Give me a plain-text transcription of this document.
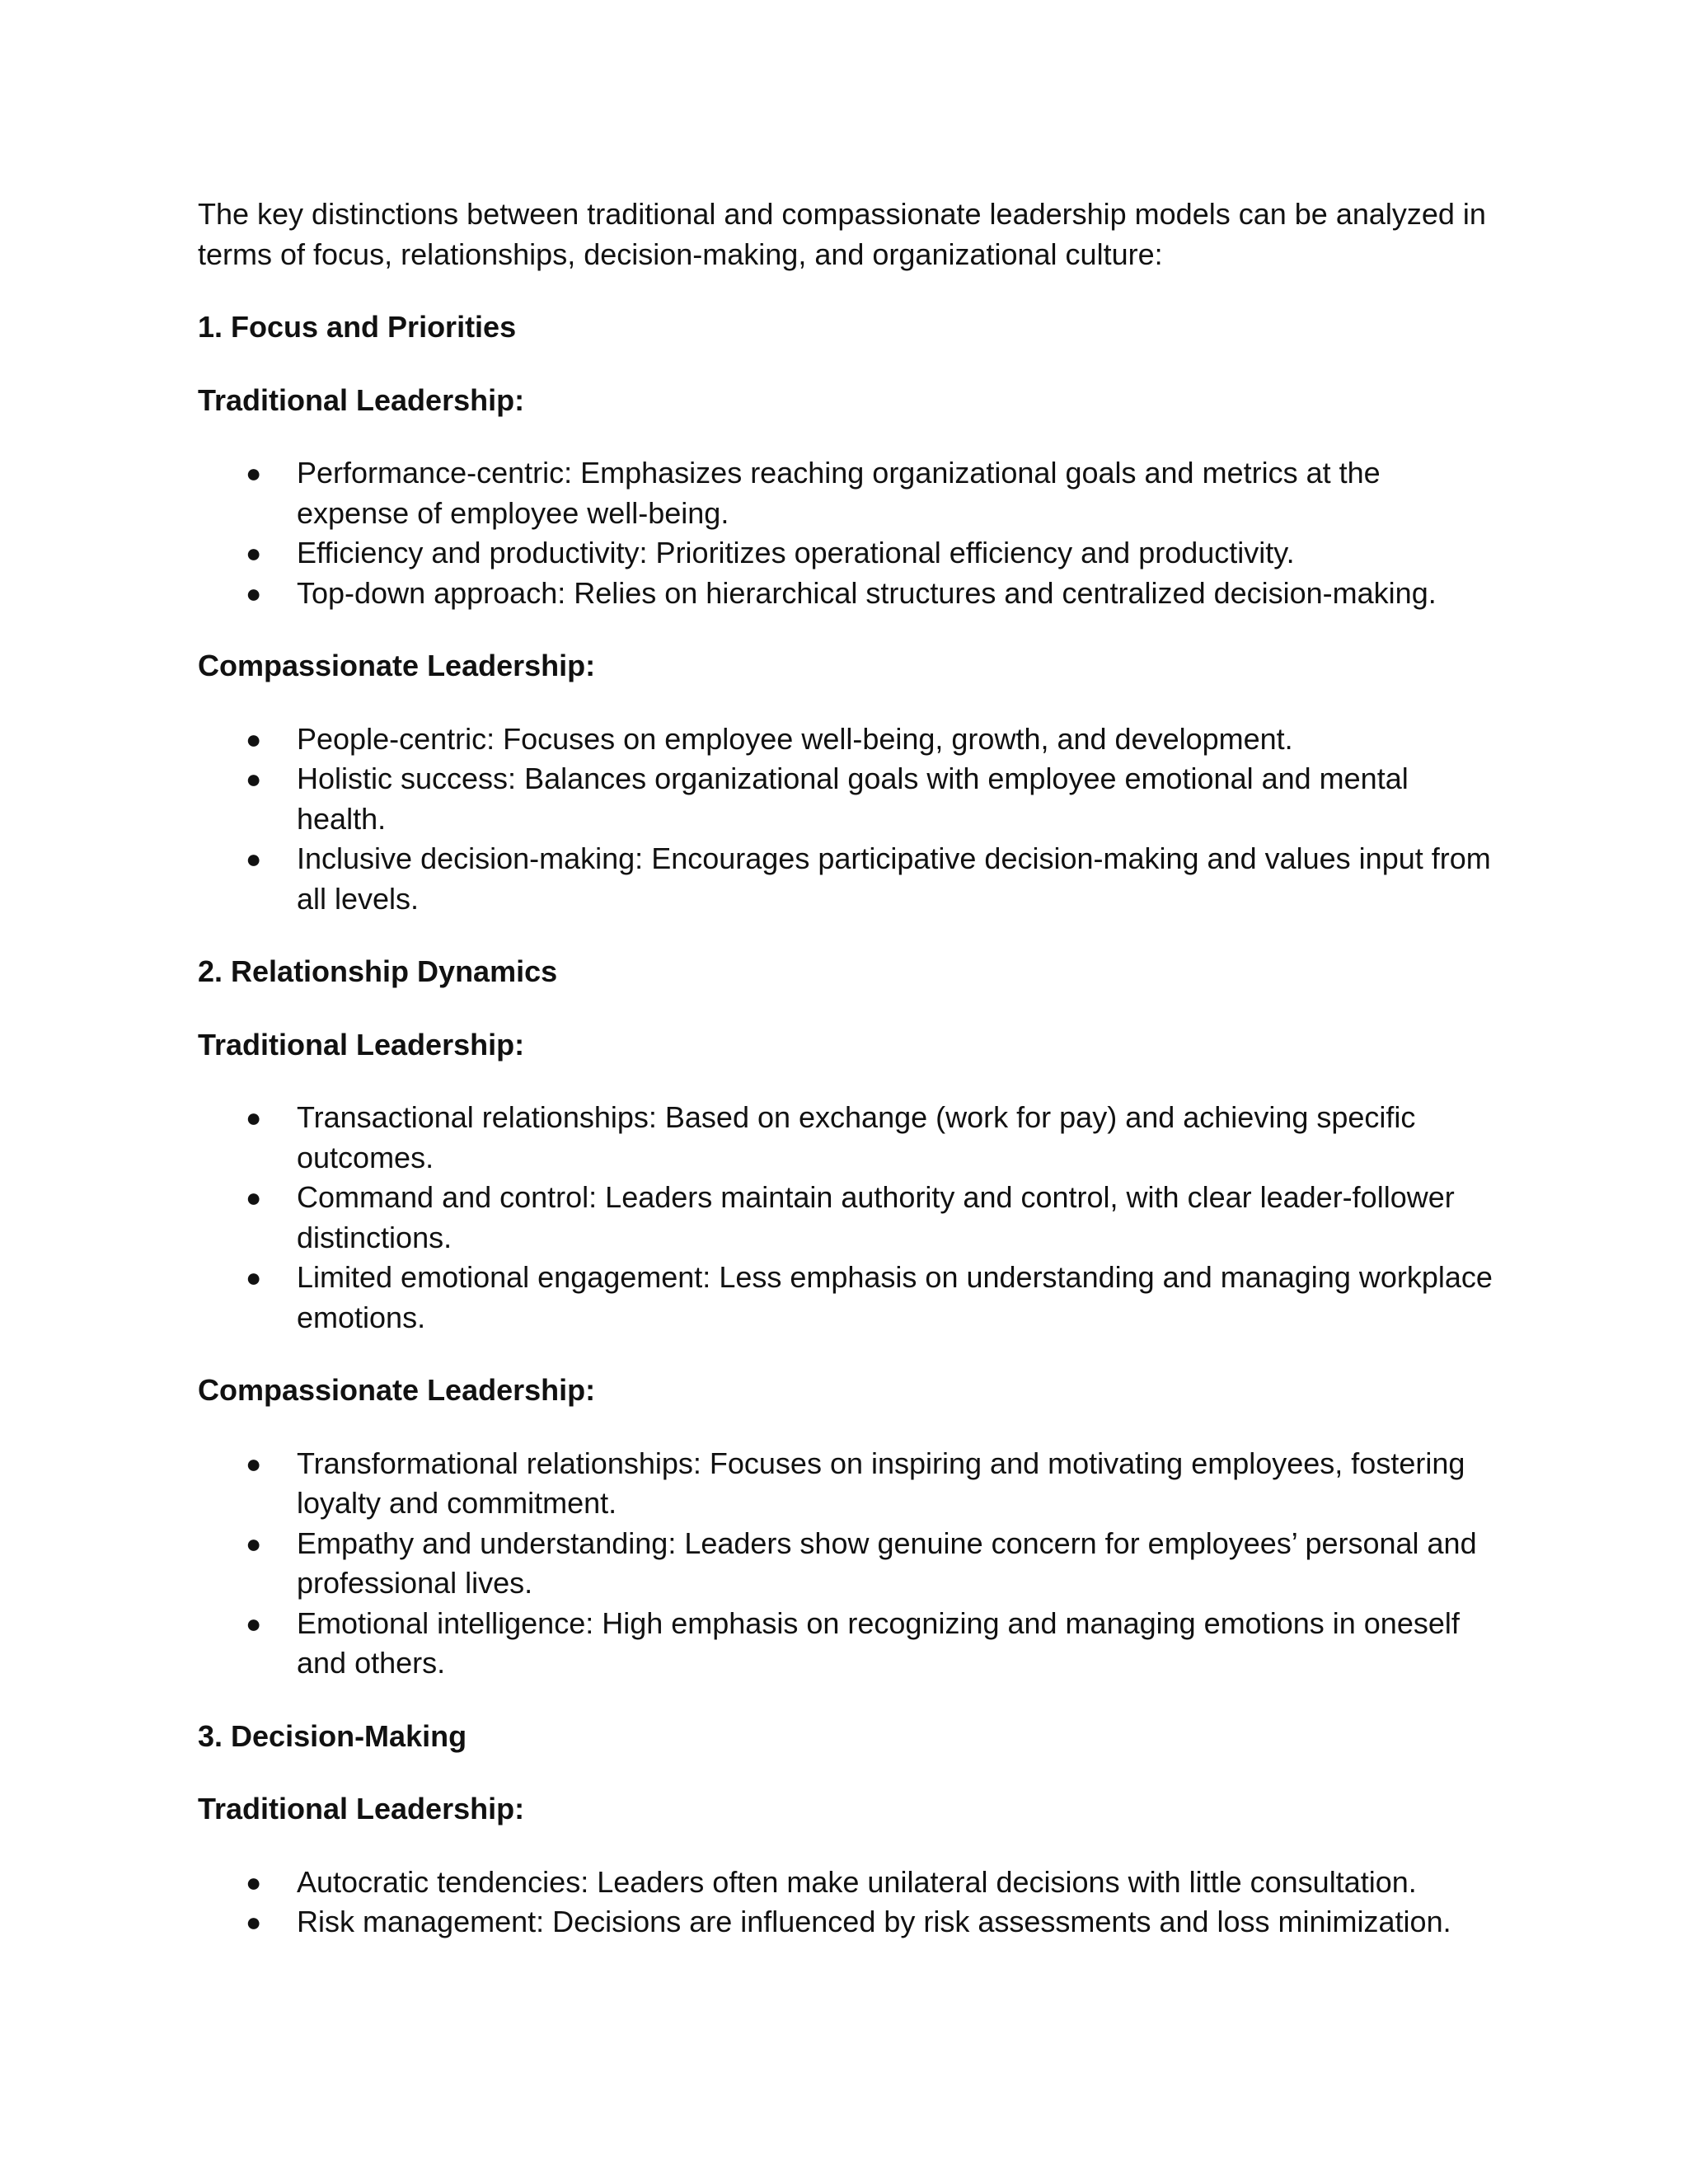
The key distinctions between traditional and compassionate leadership models can be analyzed in terms of focus, relationships, decision-making, and organizational culture:

1. Focus and Priorities

Traditional Leadership:

● Performance-centric: Emphasizes reaching organizational goals and metrics at the expense of employee well-being.
● Efficiency and productivity: Prioritizes operational efficiency and productivity.
● Top-down approach: Relies on hierarchical structures and centralized decision-making.

Compassionate Leadership:

● People-centric: Focuses on employee well-being, growth, and development.
● Holistic success: Balances organizational goals with employee emotional and mental health.
● Inclusive decision-making: Encourages participative decision-making and values input from all levels.

2. Relationship Dynamics

Traditional Leadership:

● Transactional relationships: Based on exchange (work for pay) and achieving specific outcomes.
● Command and control: Leaders maintain authority and control, with clear leader-follower distinctions.
● Limited emotional engagement: Less emphasis on understanding and managing workplace emotions.

Compassionate Leadership:

● Transformational relationships: Focuses on inspiring and motivating employees, fostering loyalty and commitment.
● Empathy and understanding: Leaders show genuine concern for employees’ personal and professional lives.
● Emotional intelligence: High emphasis on recognizing and managing emotions in oneself and others.

3. Decision-Making

Traditional Leadership:

● Autocratic tendencies: Leaders often make unilateral decisions with little consultation.
● Risk management: Decisions are influenced by risk assessments and loss minimization.
